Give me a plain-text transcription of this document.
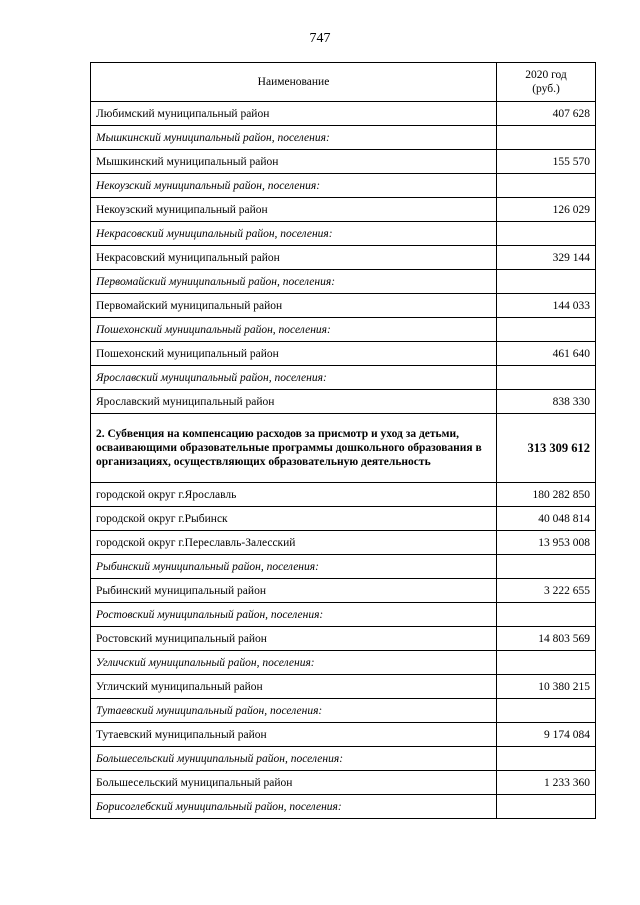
747
Наименование	2020 год
(руб.)

Любимский муниципальный район	407 628
Мышкинский муниципальный район, поселения:	
Мышкинский муниципальный район	155 570
Некоузский муниципальный район, поселения:	
Некоузский муниципальный район	126 029
Некрасовский муниципальный район, поселения:	
Некрасовский муниципальный район	329 144
Первомайский муниципальный район, поселения:	
Первомайский муниципальный район	144 033
Пошехонский муниципальный район, поселения:	
Пошехонский муниципальный район	461 640
Ярославский муниципальный район, поселения:	
Ярославский муниципальный район	838 330
2. Субвенция на компенсацию расходов за присмотр и уход за детьми, осваивающими образовательные программы дошкольного образования в организациях, осуществляющих образовательную деятельность	313 309 612
городской округ г.Ярославль	180 282 850
городской округ г.Рыбинск	40 048 814
городской округ г.Переславль-Залесский	13 953 008
Рыбинский муниципальный район, поселения:	
Рыбинский муниципальный район	3 222 655
Ростовский муниципальный район, поселения:	
Ростовский муниципальный район	14 803 569
Угличский муниципальный район, поселения:	
Угличский муниципальный район	10 380 215
Тутаевский муниципальный район, поселения:	
Тутаевский муниципальный район	9 174 084
Большесельский муниципальный район, поселения:	
Большесельский муниципальный район	1 233 360
Борисоглебский муниципальный район, поселения:	
